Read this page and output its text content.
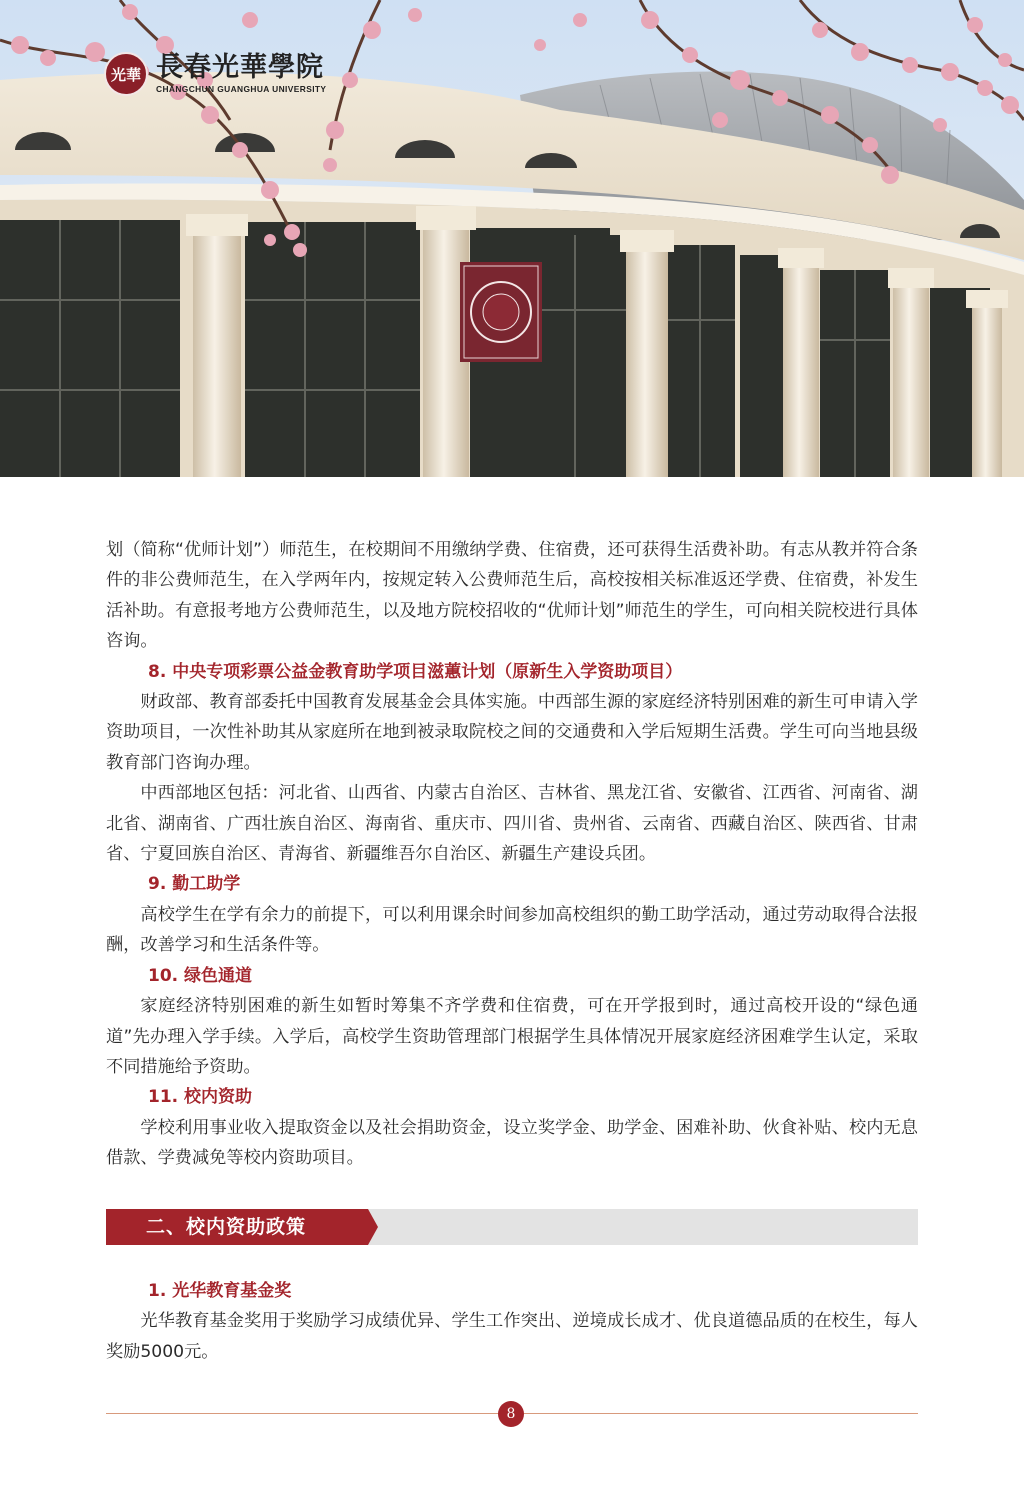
光華 長春光華學院
CHANGCHUN GUANGHUA UNIVERSITY

划（简称“优师计划”）师范生，在校期间不用缴纳学费、住宿费，还可获得生活费补助。有志从教并符合条件的非公费师范生，在入学两年内，按规定转入公费师范生后，高校按相关标准返还学费、住宿费，补发生活补助。有意报考地方公费师范生，以及地方院校招收的“优师计划”师范生的学生，可向相关院校进行具体咨询。

8. 中央专项彩票公益金教育助学项目滋蕙计划（原新生入学资助项目）

财政部、教育部委托中国教育发展基金会具体实施。中西部生源的家庭经济特别困难的新生可申请入学资助项目，一次性补助其从家庭所在地到被录取院校之间的交通费和入学后短期生活费。学生可向当地县级教育部门咨询办理。

中西部地区包括：河北省、山西省、内蒙古自治区、吉林省、黑龙江省、安徽省、江西省、河南省、湖北省、湖南省、广西壮族自治区、海南省、重庆市、四川省、贵州省、云南省、西藏自治区、陕西省、甘肃省、宁夏回族自治区、青海省、新疆维吾尔自治区、新疆生产建设兵团。

9. 勤工助学

高校学生在学有余力的前提下，可以利用课余时间参加高校组织的勤工助学活动，通过劳动取得合法报酬，改善学习和生活条件等。

10. 绿色通道

家庭经济特别困难的新生如暂时筹集不齐学费和住宿费，可在开学报到时，通过高校开设的“绿色通道”先办理入学手续。入学后，高校学生资助管理部门根据学生具体情况开展家庭经济困难学生认定，采取不同措施给予资助。

11. 校内资助

学校利用事业收入提取资金以及社会捐助资金，设立奖学金、助学金、困难补助、伙食补贴、校内无息借款、学费减免等校内资助项目。

二、校内资助政策

1. 光华教育基金奖

光华教育基金奖用于奖励学习成绩优异、学生工作突出、逆境成长成才、优良道德品质的在校生，每人奖励5000元。

8
